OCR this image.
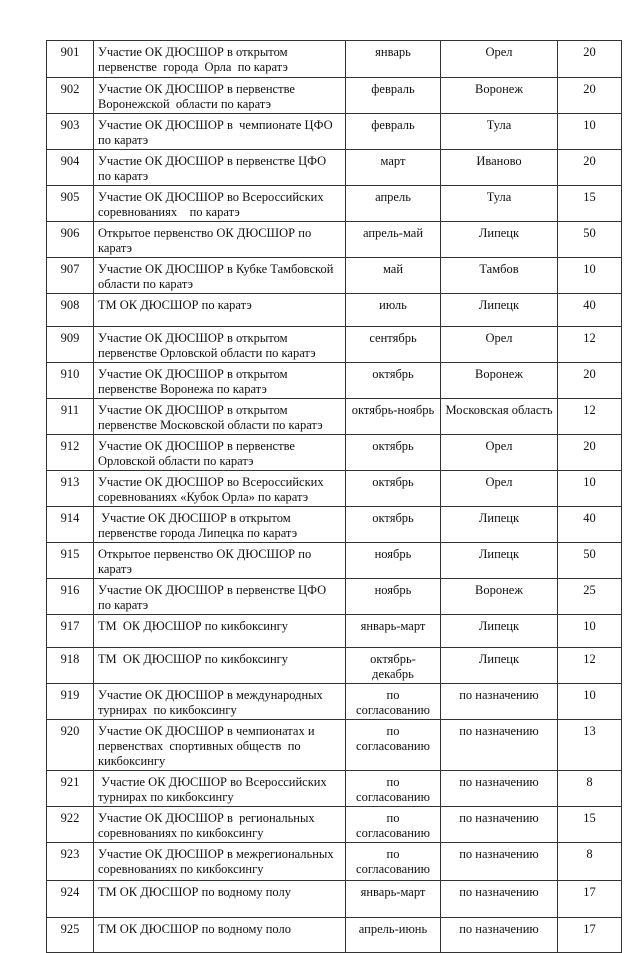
901	Участие ОК ДЮСШОР в открытом первенстве  города  Орла  по каратэ	январь	Орел	20
902	Участие ОК ДЮСШОР в первенстве Воронежской  области по каратэ	февраль	Воронеж	20
903	Участие ОК ДЮСШОР в  чемпионате ЦФО по каратэ	февраль	Тула	10
904	Участие ОК ДЮСШОР в первенстве ЦФО по каратэ	март	Иваново	20
905	Участие ОК ДЮСШОР во Всероссийских соревнованиях    по каратэ	апрель	Тула	15
906	Открытое первенство ОК ДЮСШОР по каратэ	апрель-май	Липецк	50
907	Участие ОК ДЮСШОР в Кубке Тамбовской области по каратэ	май	Тамбов	10
908	ТМ ОК ДЮСШОР по каратэ	июль	Липецк	40
909	Участие ОК ДЮСШОР в открытом первенстве Орловской области по каратэ	сентябрь	Орел	12
910	Участие ОК ДЮСШОР в открытом первенстве Воронежа по каратэ	октябрь	Воронеж	20
911	Участие ОК ДЮСШОР в открытом первенстве Московской области по каратэ	октябрь-ноябрь	Московская область	12
912	Участие ОК ДЮСШОР в первенстве Орловской области по каратэ	октябрь	Орел	20
913	Участие ОК ДЮСШОР во Всероссийских соревнованиях «Кубок Орла» по каратэ	октябрь	Орел	10
914	Участие ОК ДЮСШОР в открытом первенстве города Липецка по каратэ	октябрь	Липецк	40
915	Открытое первенство ОК ДЮСШОР по каратэ	ноябрь	Липецк	50
916	Участие ОК ДЮСШОР в первенстве ЦФО по каратэ	ноябрь	Воронеж	25
917	ТМ  ОК ДЮСШОР по кикбоксингу	январь-март	Липецк	10
918	ТМ  ОК ДЮСШОР по кикбоксингу	октябрь-декабрь	Липецк	12
919	Участие ОК ДЮСШОР в международных турнирах  по кикбоксингу	по согласованию	по назначению	10
920	Участие ОК ДЮСШОР в чемпионатах и первенствах  спортивных обществ  по кикбоксингу	по согласованию	по назначению	13
921	Участие ОК ДЮСШОР во Всероссийских турнирах по кикбоксингу	по согласованию	по назначению	8
922	Участие ОК ДЮСШОР в  региональных соревнованиях по кикбоксингу	по согласованию	по назначению	15
923	Участие ОК ДЮСШОР в межрегиональных  соревнованиях по кикбоксингу	по согласованию	по назначению	8
924	ТМ ОК ДЮСШОР по водному полу	январь-март	по назначению	17
925	ТМ ОК ДЮСШОР по водному поло	апрель-июнь	по назначению	17
